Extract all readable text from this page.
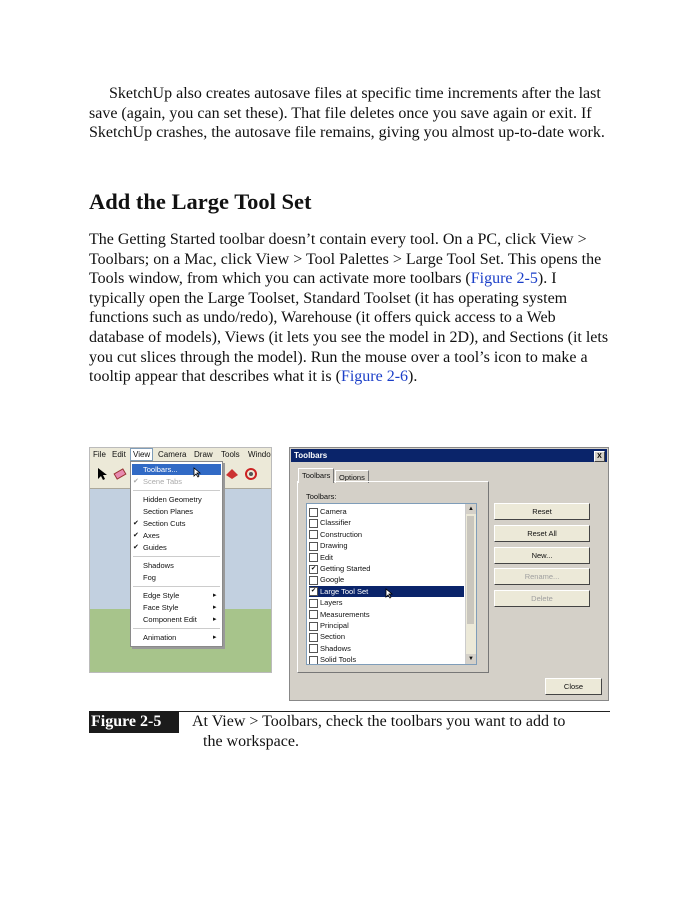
SketchUp also creates autosave files at specific time increments after the last save (again, you can set these). That file deletes once you save again or exit. If SketchUp crashes, the autosave file remains, giving you almost up-to-date work.

Add the Large Tool Set

The Getting Started toolbar doesn’t contain every tool. On a PC, click View > Toolbars; on a Mac, click View > Tool Palettes > Large Tool Set. This opens the Tools window, from which you can activate more toolbars (Figure 2-5). I typically open the Large Toolset, Standard Toolset (it has operating system functions such as undo/redo), Warehouse (it offers quick access to a Web database of models), Views (it lets you see the model in 2D), and Sections (it lets you cut slices through the model). Run the mouse over a tool’s icon to make a tooltip appear that describes what it is (Figure 2-6).

File Edit View Camera Draw Tools Windo
Toolbars...
✔ Scene Tabs
Hidden Geometry
Section Planes
✔ Section Cuts
✔ Axes
✔ Guides
Shadows
Fog
Edge Style ▸
Face Style ▸
Component Edit ▸
Animation ▸
Toolbars	X
Toolbars	Options
Toolbars:
Camera
Classifier
Construction
Drawing
Edit
✔ Getting Started
Google
✔ Large Tool Set
Layers
Measurements
Principal
Section
Shadows
Solid Tools
▲
▼
Reset
Reset All
New...
Rename...
Delete
Close
Figure 2-5	At View > Toolbars, check the toolbars you want to add to
the workspace.
